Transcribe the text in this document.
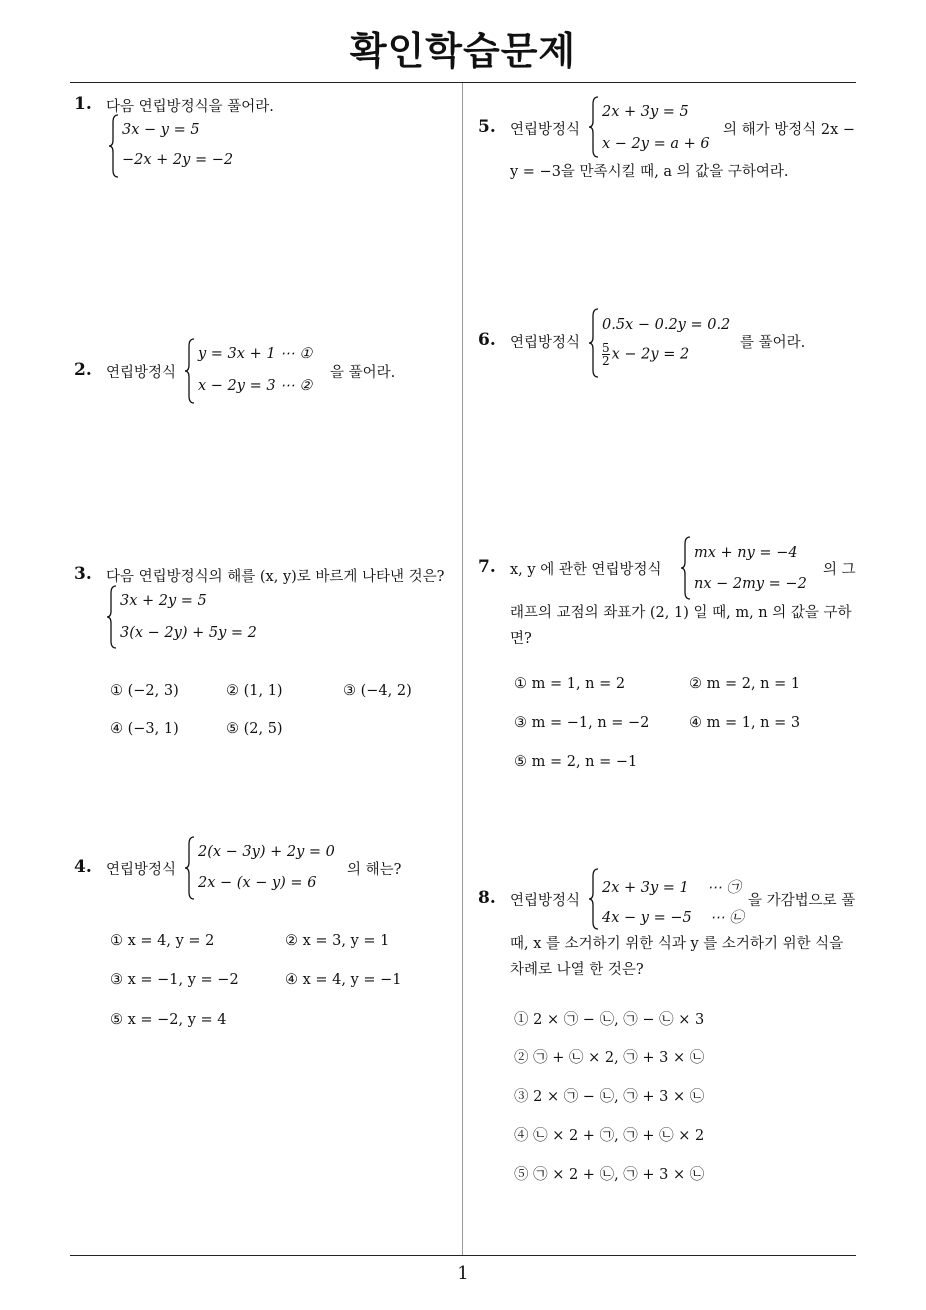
확인학습문제
1
1. 다음 연립방정식을 풀어라.
3x − y = 5
−2x + 2y = −2
2. 연립방정식
y = 3x + 1 ⋯ ①
x − 2y = 3 ⋯ ②
을 풀어라.
3. 다음 연립방정식의 해를 (x, y)로 바르게 나타낸 것은?
3x + 2y = 5
3(x − 2y) + 5y = 2
① (−2, 3)	② (1, 1)	③ (−4, 2)
④ (−3, 1)	⑤ (2, 5)
4. 연립방정식
2(x − 3y) + 2y = 0
2x − (x − y) = 6
의 해는?
① x = 4, y = 2	② x = 3, y = 1
③ x = −1, y = −2	④ x = 4, y = −1
⑤ x = −2, y = 4
5. 연립방정식
2x + 3y = 5
x − 2y = a + 6
의 해가 방정식 2x −
y = −3을 만족시킬 때, a 의 값을 구하여라.
6. 연립방정식
0.5x − 0.2y = 0.2
$\frac{5}{2}$ x − 2y = 2
를 풀어라.
7. x, y 에 관한 연립방정식
mx + ny = −4
nx − 2my = −2
의 그
래프의 교점의 좌표가 (2, 1) 일 때, m, n 의 값을 구하
면?
① m = 1, n = 2	② m = 2, n = 1
③ m = −1, n = −2	④ m = 1, n = 3
⑤ m = 2, n = −1
8. 연립방정식
2x + 3y = 1    ⋯ ㉠
4x − y = −5    ⋯ ㉡
을 가감법으로 풀
때, x 를 소거하기 위한 식과 y 를 소거하기 위한 식을
차례로 나열 한 것은?
① 2 × ㉠ − ㉡, ㉠ − ㉡ × 3
② ㉠ + ㉡ × 2, ㉠ + 3 × ㉡
③ 2 × ㉠ − ㉡, ㉠ + 3 × ㉡
④ ㉡ × 2 + ㉠, ㉠ + ㉡ × 2
⑤ ㉠ × 2 + ㉡, ㉠ + 3 × ㉡
